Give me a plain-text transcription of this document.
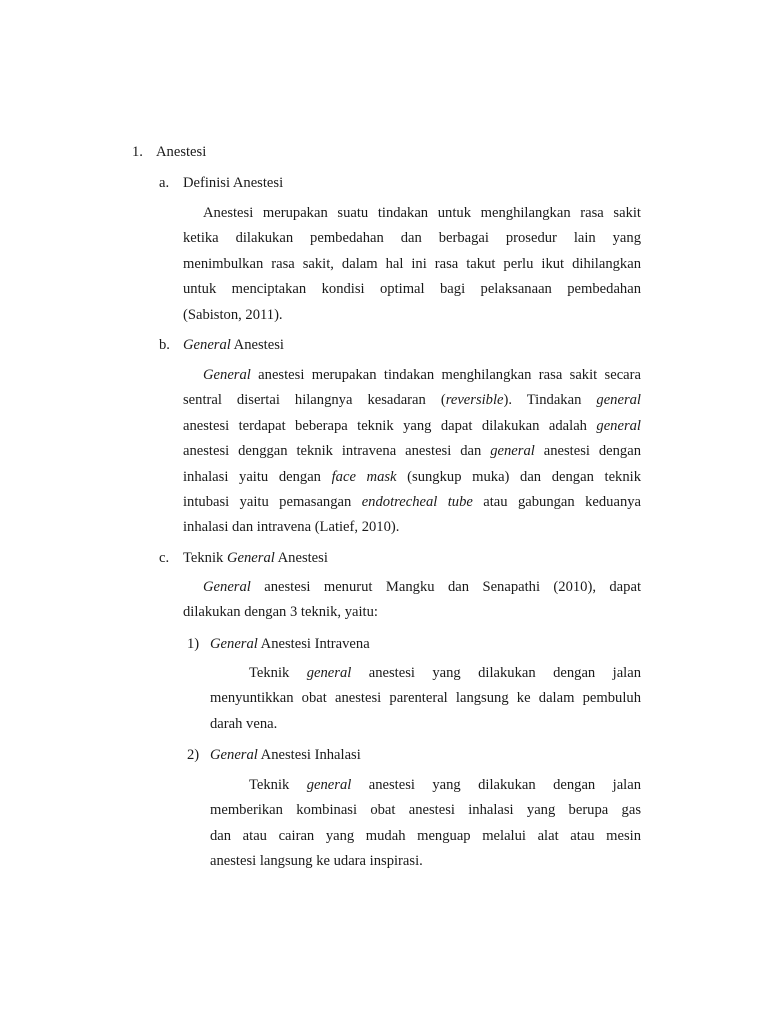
1. Anestesi
a. Definisi Anestesi
Anestesi merupakan suatu tindakan untuk menghilangkan rasa sakit
ketika dilakukan pembedahan dan berbagai prosedur lain yang
menimbulkan rasa sakit, dalam hal ini rasa takut perlu ikut dihilangkan
untuk menciptakan kondisi optimal bagi pelaksanaan pembedahan
(Sabiston, 2011).
b. General Anestesi
General anestesi merupakan tindakan menghilangkan rasa sakit secara
sentral disertai hilangnya kesadaran (reversible). Tindakan general
anestesi terdapat beberapa teknik yang dapat dilakukan adalah general
anestesi denggan teknik intravena anestesi dan general anestesi dengan
inhalasi yaitu dengan face mask (sungkup muka) dan dengan teknik
intubasi yaitu pemasangan endotrecheal tube atau gabungan keduanya
inhalasi dan intravena (Latief, 2010).
c. Teknik General Anestesi
General anestesi menurut Mangku dan Senapathi (2010), dapat
dilakukan dengan 3 teknik, yaitu:
1) General Anestesi Intravena
Teknik general anestesi yang dilakukan dengan jalan
menyuntikkan obat anestesi parenteral langsung ke dalam pembuluh
darah vena.
2) General Anestesi Inhalasi
Teknik general anestesi yang dilakukan dengan jalan
memberikan kombinasi obat anestesi inhalasi yang berupa gas
dan atau cairan yang mudah menguap melalui alat atau mesin
anestesi langsung ke udara inspirasi.
